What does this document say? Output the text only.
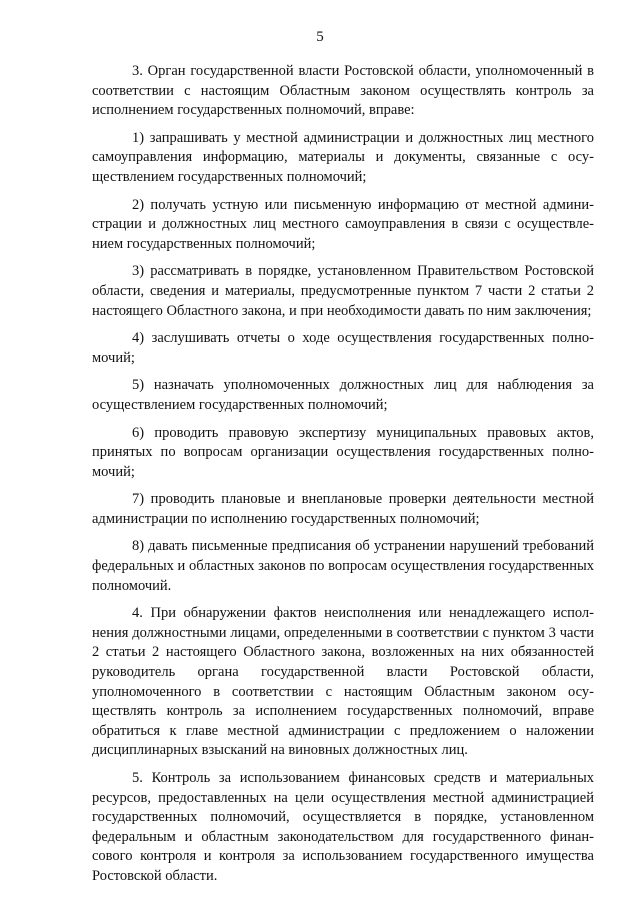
5

3. Орган государственной власти Ростовской области, уполномоченный в соответствии с настоящим Областным законом осуществлять контроль за исполнением государственных полномочий, вправе:

1) запрашивать у местной администрации и должностных лиц местного самоуправления информацию, материалы и документы, связанные с осуществлением государственных полномочий;

2) получать устную или письменную информацию от местной администрации и должностных лиц местного самоуправления в связи с осуществлением государственных полномочий;

3) рассматривать в порядке, установленном Правительством Ростовской области, сведения и материалы, предусмотренные пунктом 7 части 2 статьи 2 настоящего Областного закона, и при необходимости давать по ним заключения;

4) заслушивать отчеты о ходе осуществления государственных полномочий;

5) назначать уполномоченных должностных лиц для наблюдения за осуществлением государственных полномочий;

6) проводить правовую экспертизу муниципальных правовых актов, принятых по вопросам организации осуществления государственных полномочий;

7) проводить плановые и внеплановые проверки деятельности местной администрации по исполнению государственных полномочий;

8) давать письменные предписания об устранении нарушений требований федеральных и областных законов по вопросам осуществления государственных полномочий.

4. При обнаружении фактов неисполнения или ненадлежащего исполнения должностными лицами, определенными в соответствии с пунктом 3 части 2 статьи 2 настоящего Областного закона, возложенных на них обязанностей руководитель органа государственной власти Ростовской области, уполномоченного в соответствии с настоящим Областным законом осуществлять контроль за исполнением государственных полномочий, вправе обратиться к главе местной администрации с предложением о наложении дисциплинарных взысканий на виновных должностных лиц.

5. Контроль за использованием финансовых средств и материальных ресурсов, предоставленных на цели осуществления местной администрацией государственных полномочий, осуществляется в порядке, установленном федеральным и областным законодательством для государственного финансового контроля и контроля за использованием государственного имущества Ростовской области.
